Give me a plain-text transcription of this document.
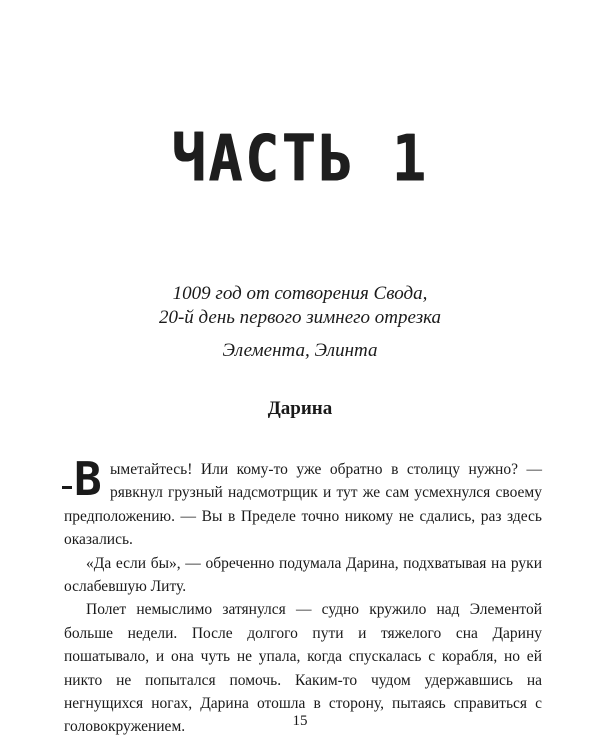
ЧАСТЬ 1
1009 год от сотворения Свода,
20-й день первого зимнего отрезка
Элемента, Элинта
Дарина

В ыметайтесь! Или кому-то уже обратно в столицу нужно? — рявкнул грузный надсмотрщик и тут же сам усмехнулся своему предположению. — Вы в Пределе точно никому не сдались, раз здесь оказались.

«Да если бы», — обреченно подумала Дарина, подхватывая на руки ослабевшую Литу.

Полет немыслимо затянулся — судно кружило над Элементой больше недели. После долгого пути и тяжелого сна Дарину пошатывало, и она чуть не упала, когда спускалась с корабля, но ей никто не попытался помочь. Каким-то чудом удержавшись на негнущихся ногах, Дарина отошла в сторону, пытаясь справиться с головокружением.	15
